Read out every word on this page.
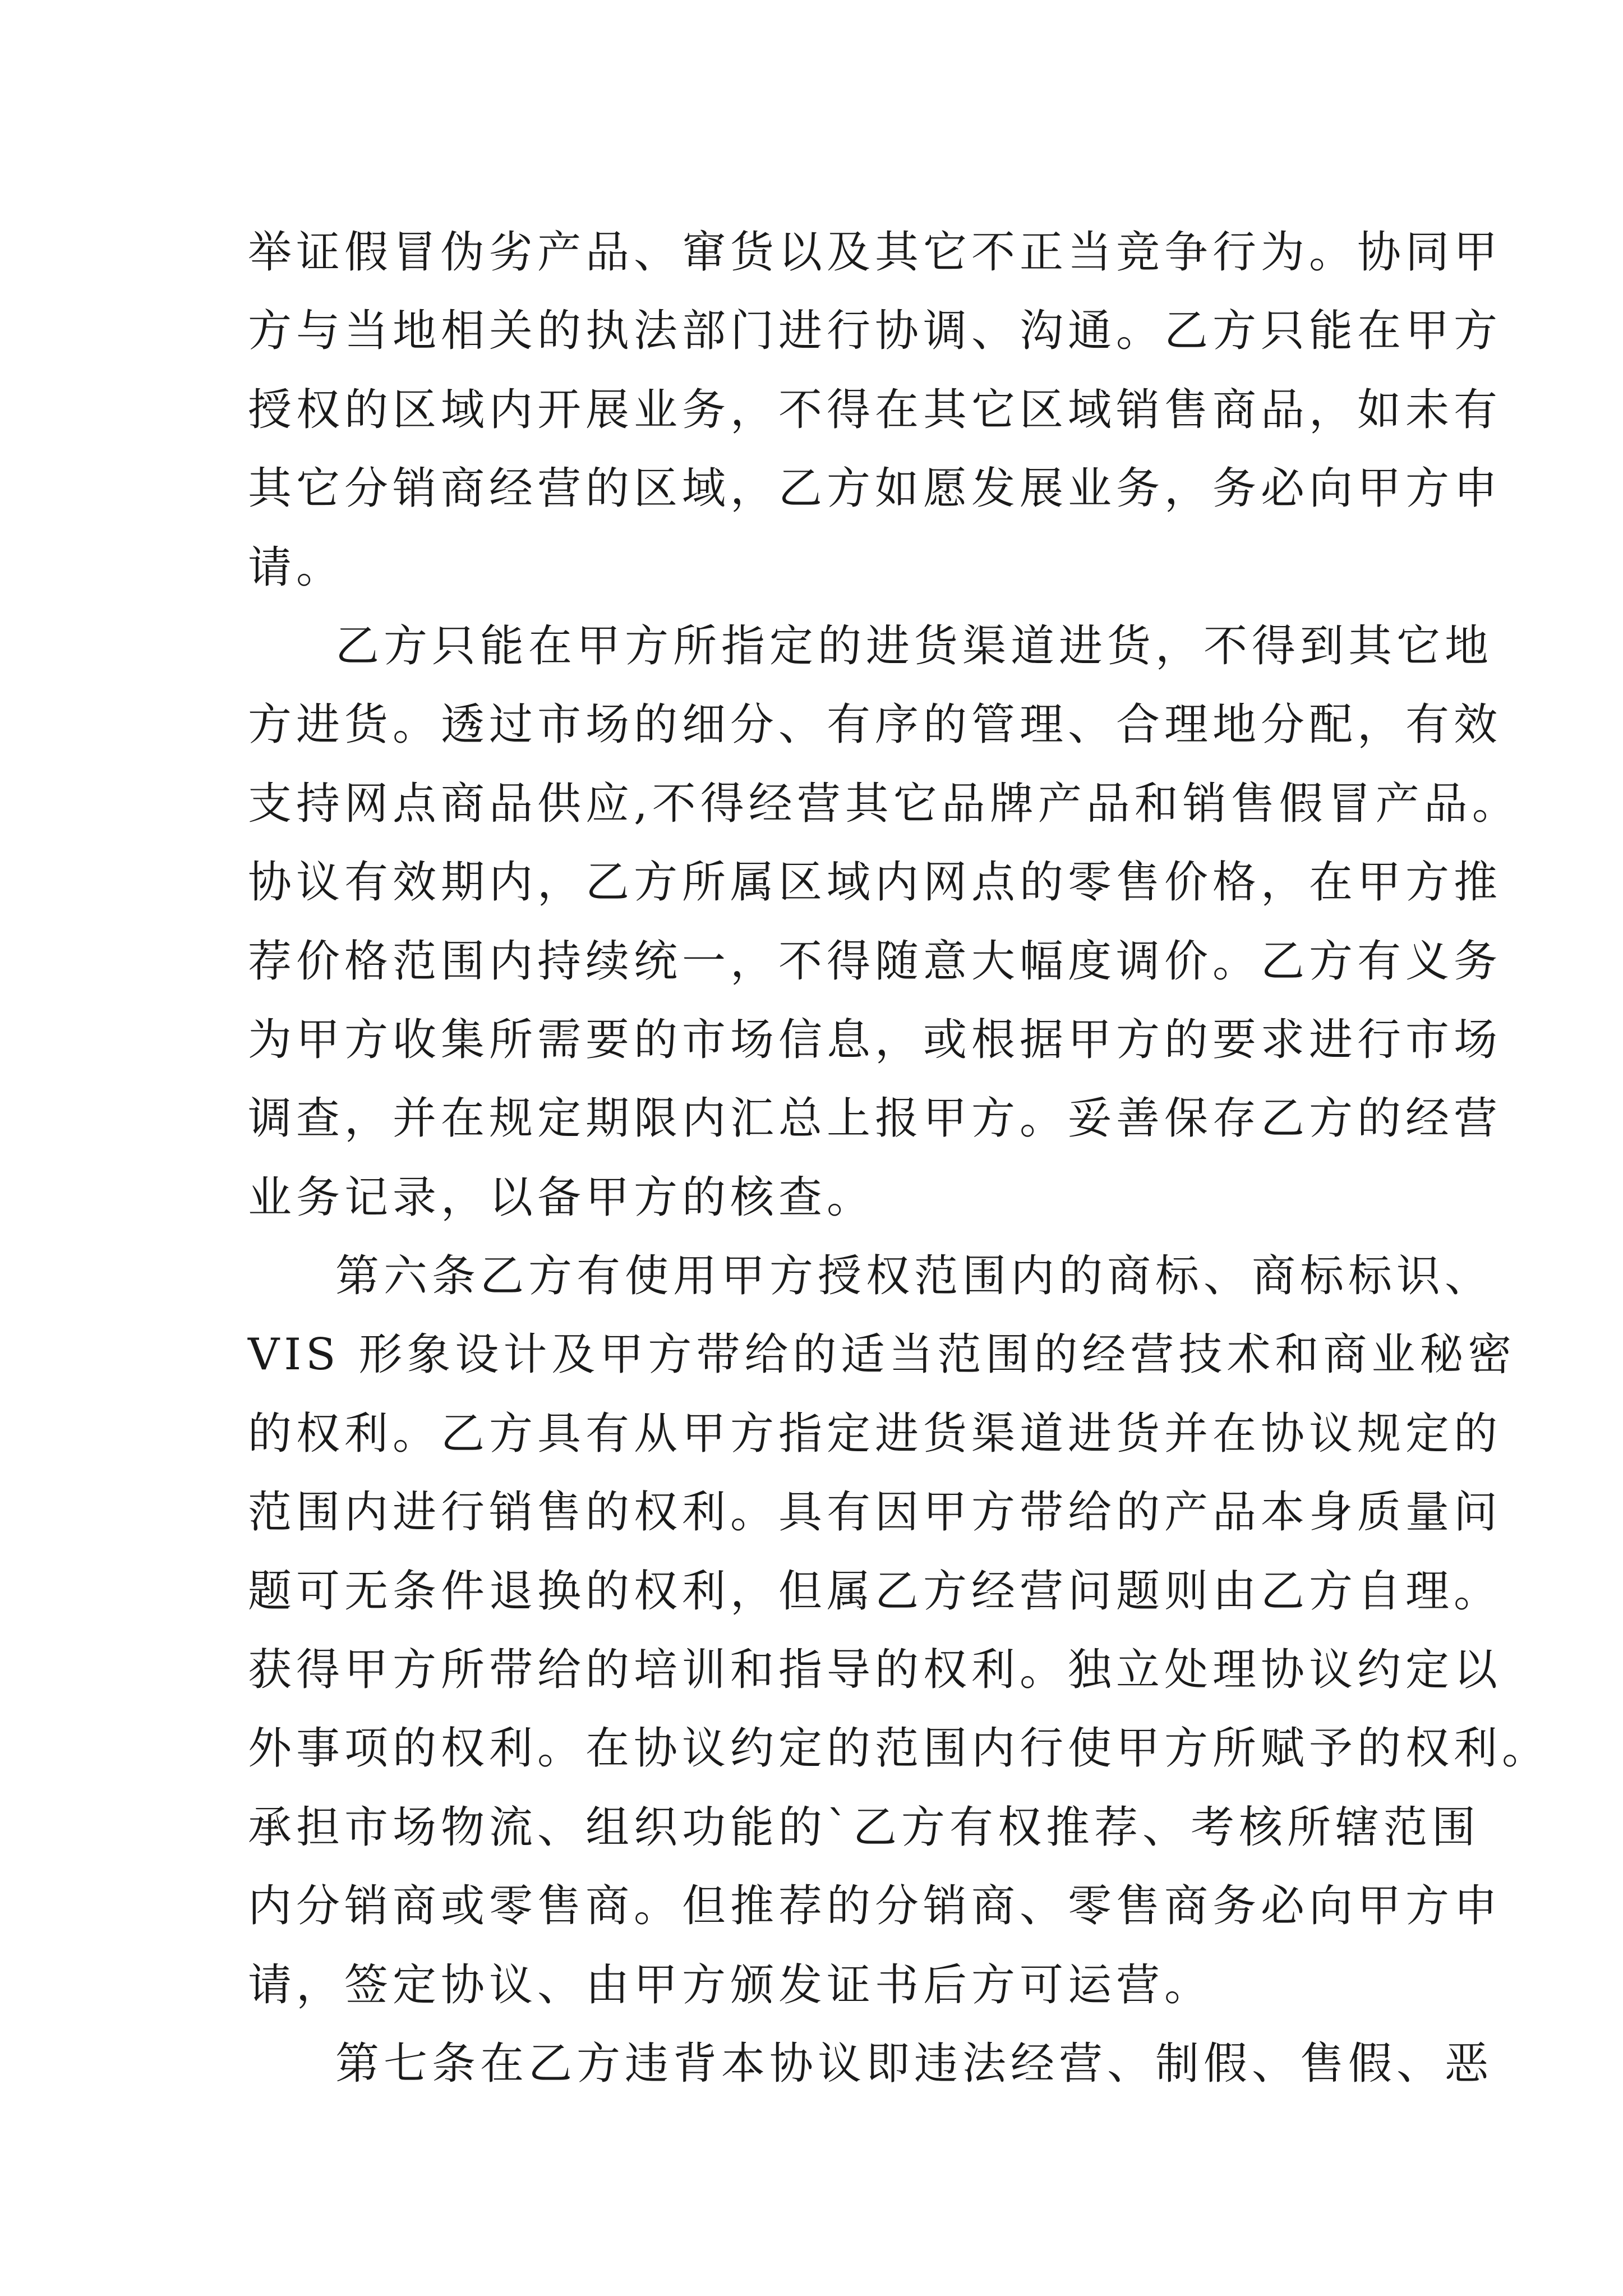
举证假冒伪劣产品、窜货以及其它不正当竞争行为。协同甲
方与当地相关的执法部门进行协调、沟通。乙方只能在甲方
授权的区域内开展业务，不得在其它区域销售商品，如未有
其它分销商经营的区域，乙方如愿发展业务，务必向甲方申
请。
乙方只能在甲方所指定的进货渠道进货，不得到其它地
方进货。透过市场的细分、有序的管理、合理地分配，有效
支持网点商品供应,不得经营其它品牌产品和销售假冒产品。
协议有效期内，乙方所属区域内网点的零售价格，在甲方推
荐价格范围内持续统一，不得随意大幅度调价。乙方有义务
为甲方收集所需要的市场信息，或根据甲方的要求进行市场
调查，并在规定期限内汇总上报甲方。妥善保存乙方的经营
业务记录，以备甲方的核查。
第六条乙方有使用甲方授权范围内的商标、商标标识、
VIS 形象设计及甲方带给的适当范围的经营技术和商业秘密
的权利。乙方具有从甲方指定进货渠道进货并在协议规定的
范围内进行销售的权利。具有因甲方带给的产品本身质量问
题可无条件退换的权利，但属乙方经营问题则由乙方自理。
获得甲方所带给的培训和指导的权利。独立处理协议约定以
外事项的权利。在协议约定的范围内行使甲方所赋予的权利。
承担市场物流、组织功能的`乙方有权推荐、考核所辖范围
内分销商或零售商。但推荐的分销商、零售商务必向甲方申
请，签定协议、由甲方颁发证书后方可运营。
第七条在乙方违背本协议即违法经营、制假、售假、恶
